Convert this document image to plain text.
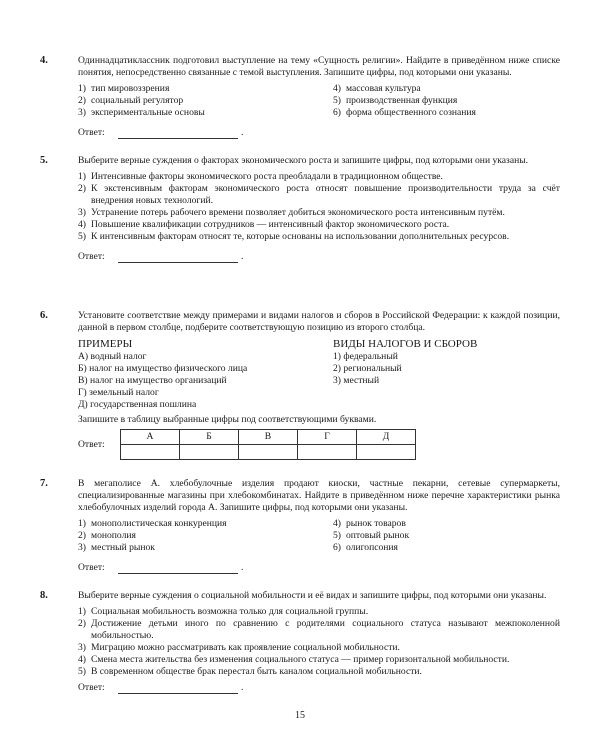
4.	Одиннадцатиклассник подготовил выступление на тему «Сущность религии». Найдите в приведённом ниже списке понятия, непосредственно связанные с темой выступления. Запишите цифры, под которыми они указаны.

1) тип мировоззрения	4) массовая культура
2) социальный регулятор	5) производственная функция
3) экспериментальные основы	6) форма общественного сознания
Ответ:	.
5.	Выберите верные суждения о факторах экономического роста и запишите цифры, под которыми они указаны.

1) Интенсивные факторы экономического роста преобладали в традиционном обществе.
2) К экстенсивным факторам экономического роста относят повышение производительности труда за счёт внедрения новых технологий.
3) Устранение потерь рабочего времени позволяет добиться экономического роста интенсивным путём.
4) Повышение квалификации сотрудников — интенсивный фактор экономического роста.
5) К интенсивным факторам относят те, которые основаны на использовании дополнительных ресурсов.
Ответ:	.
6.	Установите соответствие между примерами и видами налогов и сборов в Российской Федерации: к каждой позиции, данной в первом столбце, подберите соответствующую позицию из второго столбца.

ПРИМЕРЫ
А) водный налог
Б) налог на имущество физического лица
В) налог на имущество организаций
Г) земельный налог
Д) государственная пошлина
ВИДЫ НАЛОГОВ И СБОРОВ
1) федеральный
2) региональный
3) местный
Запишите в таблицу выбранные цифры под соответствующими буквами.
Ответ:
А	Б	В	Г	Д

7.	В мегаполисе А. хлебобулочные изделия продают киоски, частные пекарни, сетевые супермаркеты, специализированные магазины при хлебокомбинатах. Найдите в приведённом ниже перечне характеристики рынка хлебобулочных изделий города А. Запишите цифры, под которыми они указаны.

1) монополистическая конкуренция	4) рынок товаров
2) монополия	5) оптовый рынок
3) местный рынок	6) олигопсония
Ответ:	.
8.	Выберите верные суждения о социальной мобильности и её видах и запишите цифры, под которыми они указаны.

1) Социальная мобильность возможна только для социальной группы.
2) Достижение детьми иного по сравнению с родителями социального статуса называют межпоколенной мобильностью.
3) Миграцию можно рассматривать как проявление социальной мобильности.
4) Смена места жительства без изменения социального статуса — пример горизонтальной мобильности.
5) В современном обществе брак перестал быть каналом социальной мобильности.
Ответ:	.
15
